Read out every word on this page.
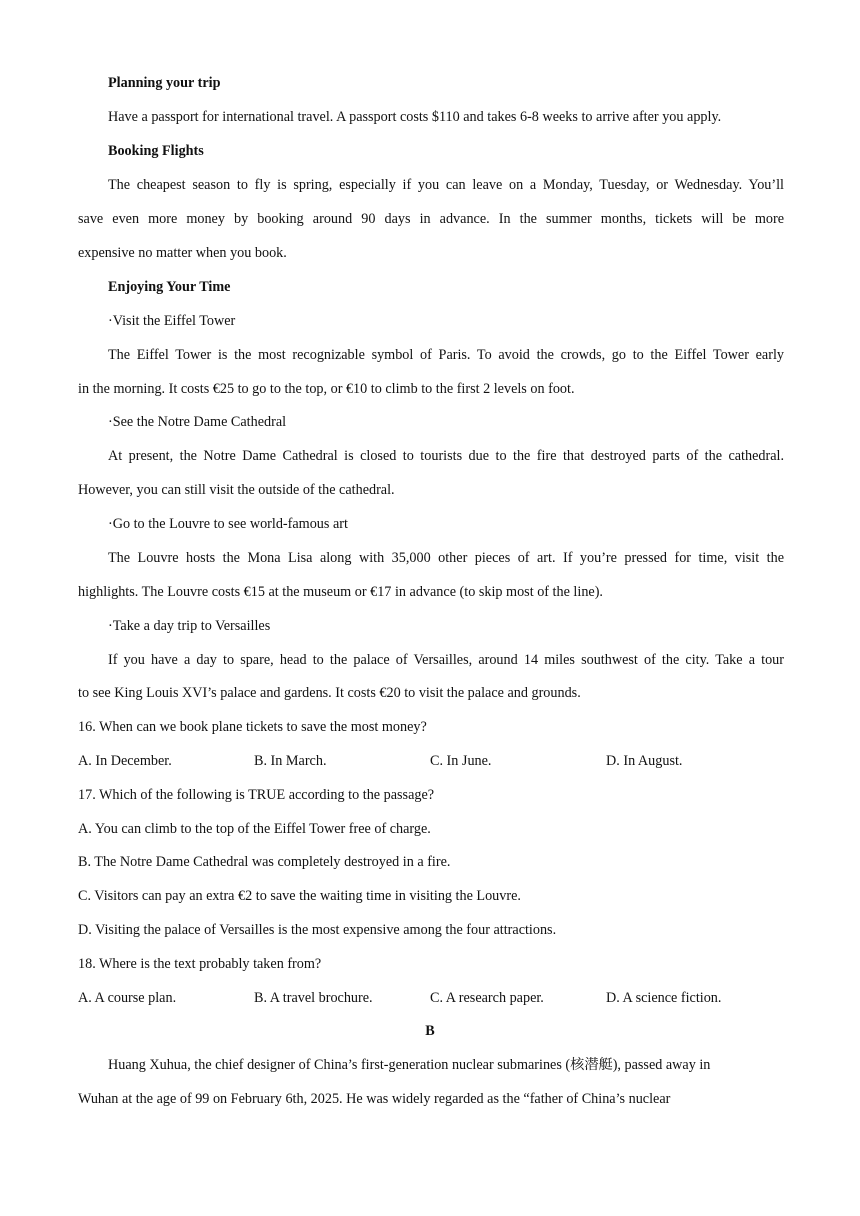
Planning your trip
Have a passport for international travel. A passport costs $110 and takes 6-8 weeks to arrive after you apply.
Booking Flights
The cheapest season to fly is spring, especially if you can leave on a Monday, Tuesday, or Wednesday. You’ll
save even more money by booking around 90 days in advance. In the summer months, tickets will be more
expensive no matter when you book.
Enjoying Your Time
·Visit the Eiffel Tower
The Eiffel Tower is the most recognizable symbol of Paris. To avoid the crowds, go to the Eiffel Tower early
in the morning. It costs €25 to go to the top, or €10 to climb to the first 2 levels on foot.
·See the Notre Dame Cathedral
At present, the Notre Dame Cathedral is closed to tourists due to the fire that destroyed parts of the cathedral.
However, you can still visit the outside of the cathedral.
·Go to the Louvre to see world-famous art
The Louvre hosts the Mona Lisa along with 35,000 other pieces of art. If you’re pressed for time, visit the
highlights. The Louvre costs €15 at the museum or €17 in advance (to skip most of the line).
·Take a day trip to Versailles
If you have a day to spare, head to the palace of Versailles, around 14 miles southwest of the city. Take a tour
to see King Louis XVI’s palace and gardens. It costs €20 to visit the palace and grounds.
16. When can we book plane tickets to save the most money?
A. In December.	B. In March.	C. In June.	D. In August.
17. Which of the following is TRUE according to the passage?
A. You can climb to the top of the Eiffel Tower free of charge.
B. The Notre Dame Cathedral was completely destroyed in a fire.
C. Visitors can pay an extra €2 to save the waiting time in visiting the Louvre.
D. Visiting the palace of Versailles is the most expensive among the four attractions.
18. Where is the text probably taken from?
A. A course plan.	B. A travel brochure.	C. A research paper.	D. A science fiction.
B
Huang Xuhua, the chief designer of China’s first-generation nuclear submarines (核潜艇), passed away in
Wuhan at the age of 99 on February 6th, 2025. He was widely regarded as the “father of China’s nuclear
